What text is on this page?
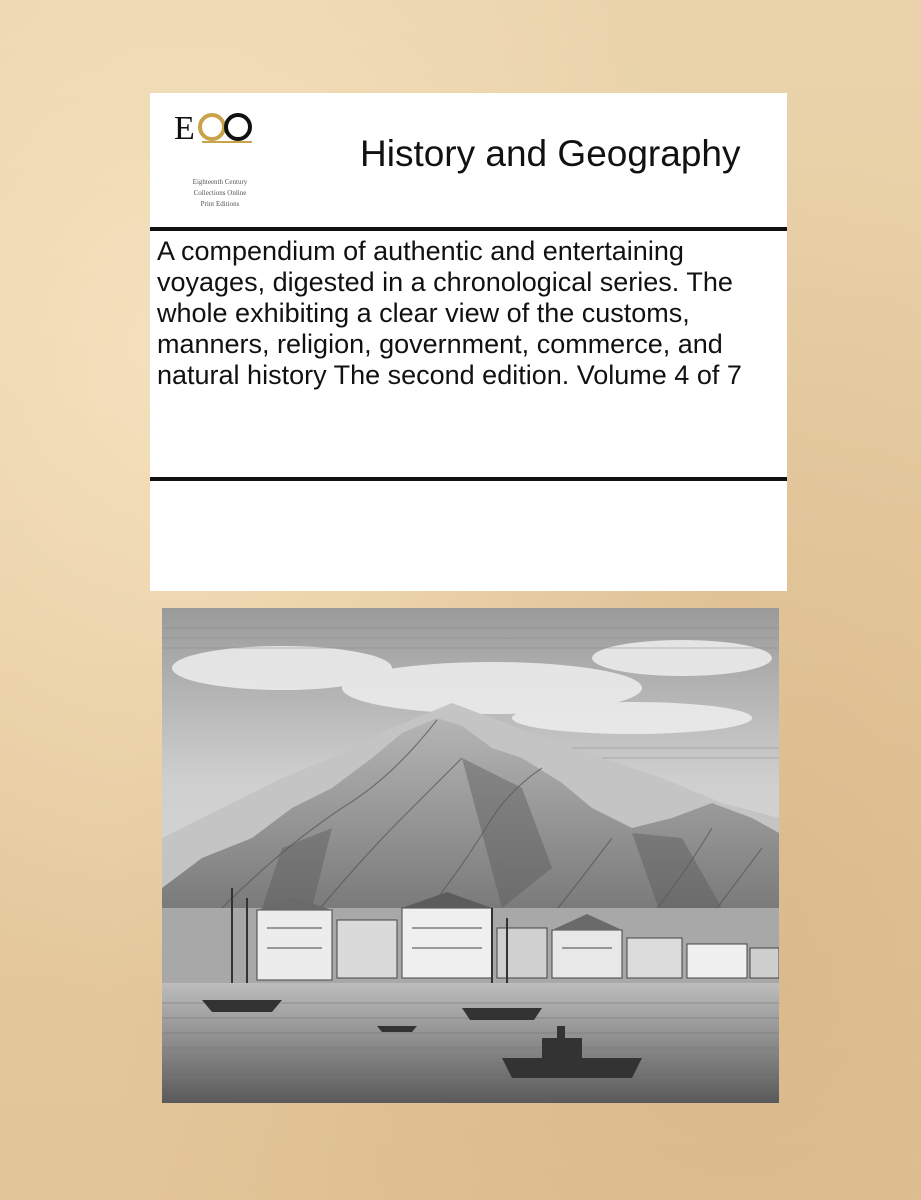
E
Eighteenth Century
Collections Online
Print Editions
History and Geography
A compendium of authentic and entertaining voyages, digested in a chronological series. The whole exhibiting a clear view of the customs, manners, religion, government, commerce, and natural history The second edition. Volume 4 of 7
